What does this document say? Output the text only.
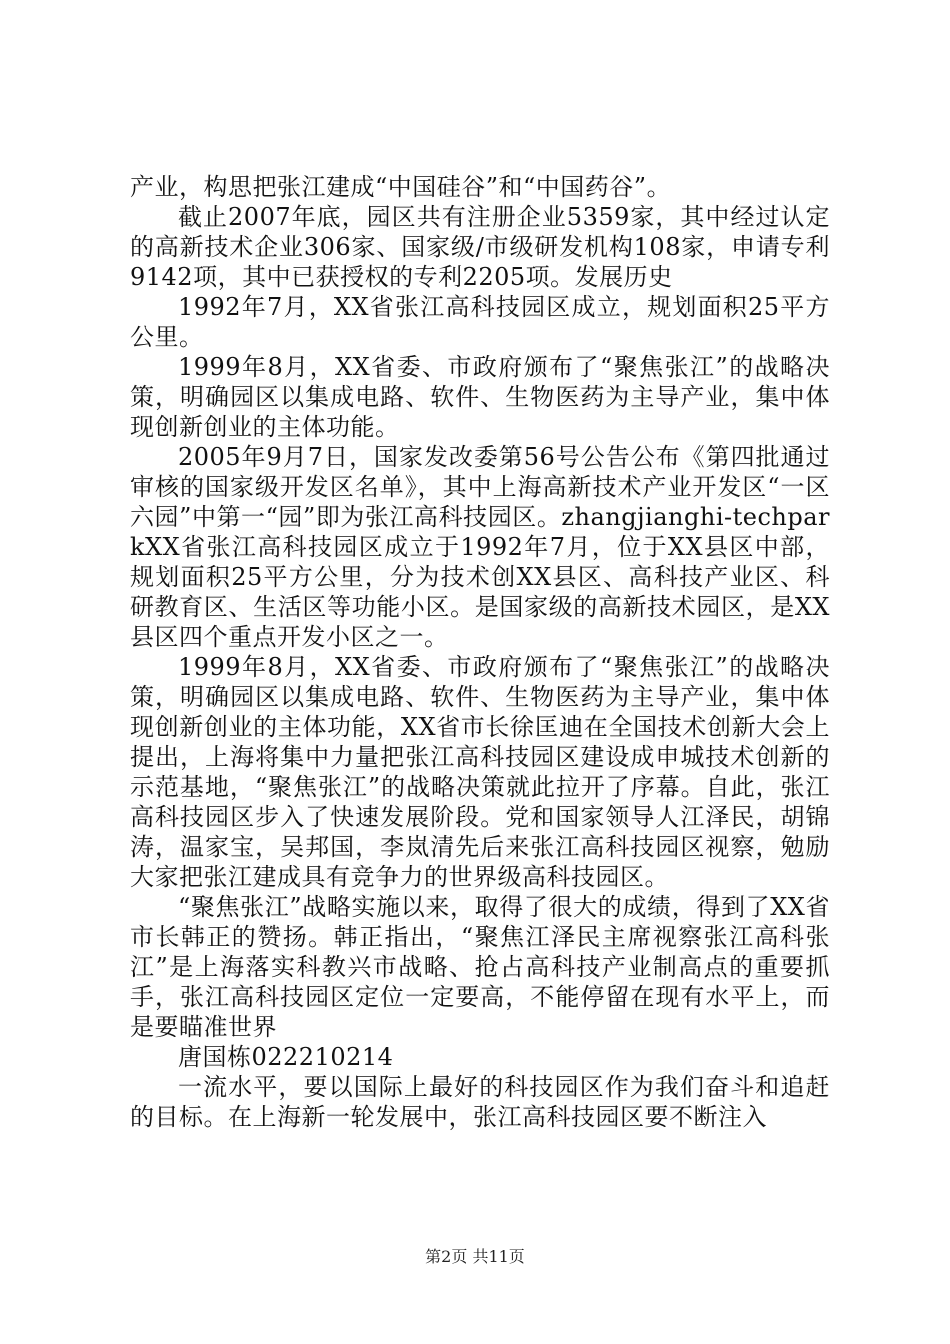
产业，构思把张江建成“中国硅谷”和“中国药谷”。

截止2007年底，园区共有注册企业5359家，其中经过认定的高新技术企业306家、国家级/市级研发机构108家，申请专利9142项，其中已获授权的专利2205项。发展历史

1992年7月，XX省张江高科技园区成立，规划面积25平方公里。

1999年8月，XX省委、市政府颁布了“聚焦张江”的战略决策，明确园区以集成电路、软件、生物医药为主导产业，集中体现创新创业的主体功能。

2005年9月7日，国家发改委第56号公告公布《第四批通过审核的国家级开发区名单》，其中上海高新技术产业开发区“一区六园”中第一“园”即为张江高科技园区。zhangjianghi-techparkXX省张江高科技园区成立于1992年7月，位于XX县区中部，规划面积25平方公里，分为技术创XX县区、高科技产业区、科研教育区、生活区等功能小区。是国家级的高新技术园区，是XX县区四个重点开发小区之一。

1999年8月，XX省委、市政府颁布了“聚焦张江”的战略决策，明确园区以集成电路、软件、生物医药为主导产业，集中体现创新创业的主体功能，XX省市长徐匡迪在全国技术创新大会上提出，上海将集中力量把张江高科技园区建设成申城技术创新的示范基地，“聚焦张江”的战略决策就此拉开了序幕。自此，张江高科技园区步入了快速发展阶段。党和国家领导人江泽民，胡锦涛，温家宝，吴邦国，李岚清先后来张江高科技园区视察，勉励大家把张江建成具有竞争力的世界级高科技园区。

“聚焦张江”战略实施以来，取得了很大的成绩，得到了XX省市长韩正的赞扬。韩正指出，“聚焦江泽民主席视察张江高科张江”是上海落实科教兴市战略、抢占高科技产业制高点的重要抓手，张江高科技园区定位一定要高，不能停留在现有水平上，而是要瞄准世界

唐国栋022210214

一流水平，要以国际上最好的科技园区作为我们奋斗和追赶的目标。在上海新一轮发展中，张江高科技园区要不断注入

第2页 共11页
